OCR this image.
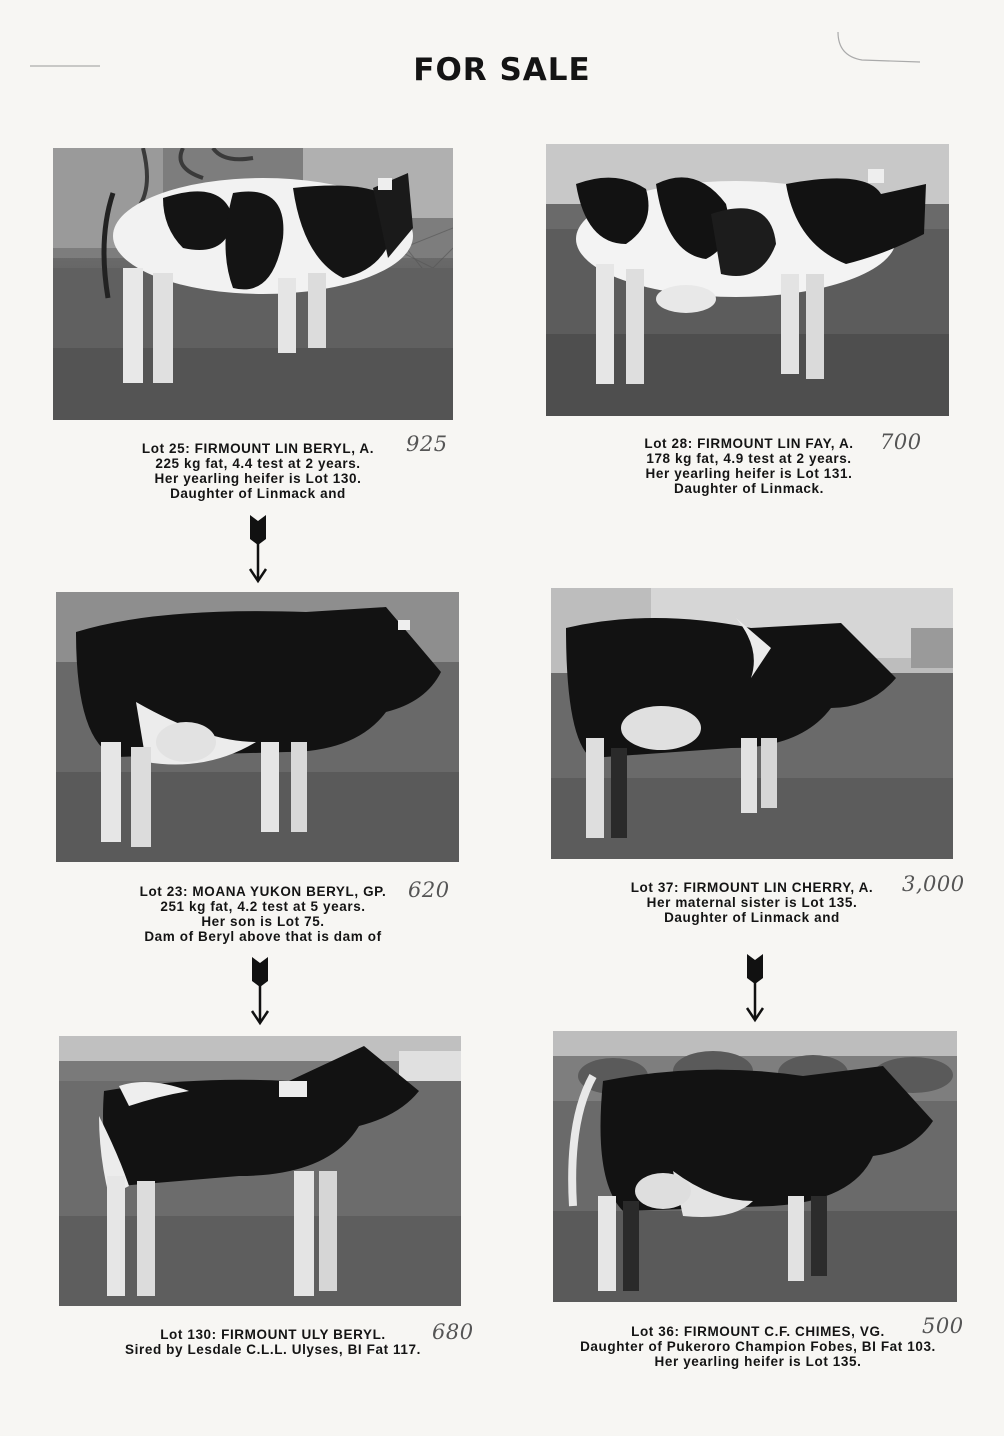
FOR SALE
Lot 25: FIRMOUNT LIN BERYL, A.
225 kg fat, 4.4 test at 2 years.
Her yearling heifer is Lot 130.
Daughter of Linmack and
925	Lot 28: FIRMOUNT LIN FAY, A.
178 kg fat, 4.9 test at 2 years.
Her yearling heifer is Lot 131.
Daughter of Linmack.
700
Lot 23: MOANA YUKON BERYL, GP.
251 kg fat, 4.2 test at 5 years.
Her son is Lot 75.
Dam of Beryl above that is dam of
620	Lot 37: FIRMOUNT LIN CHERRY, A.
Her maternal sister is Lot 135.
Daughter of Linmack and
3,000
Lot 130: FIRMOUNT ULY BERYL.
Sired by Lesdale C.L.L. Ulyses, BI Fat 117.
680	Lot 36: FIRMOUNT C.F. CHIMES, VG.
Daughter of Pukeroro Champion Fobes, BI Fat 103.
Her yearling heifer is Lot 135.
500
